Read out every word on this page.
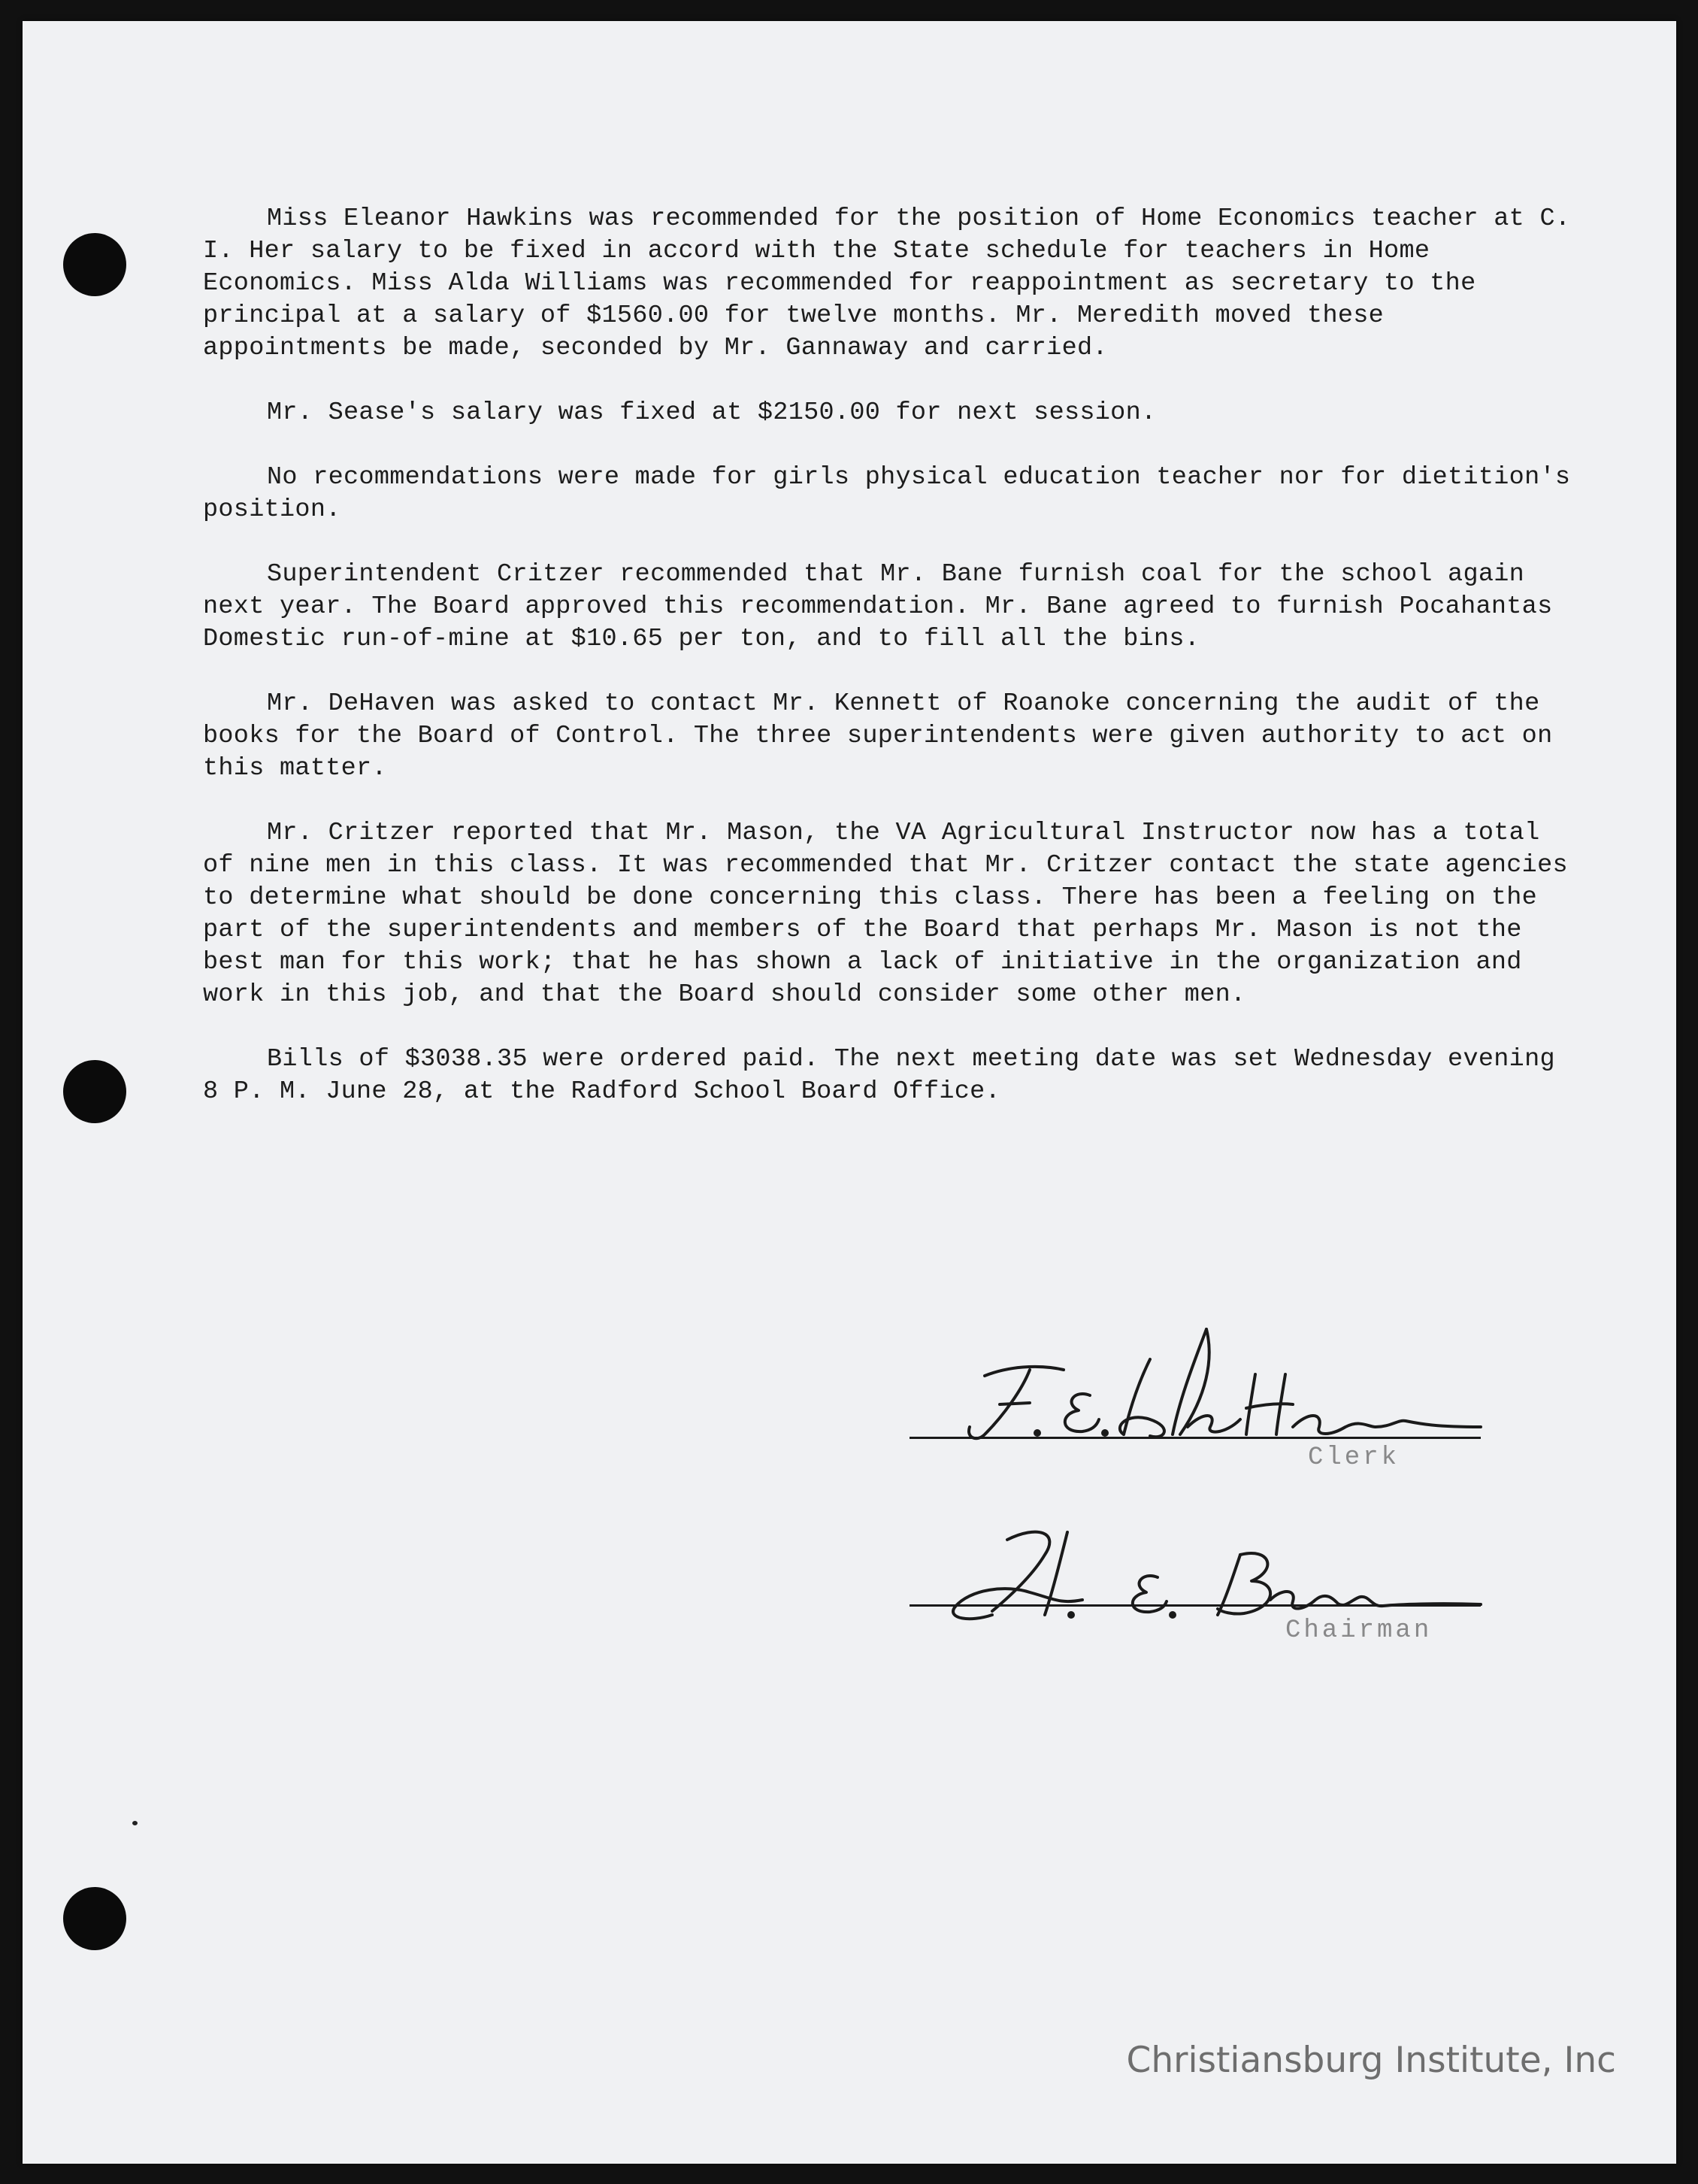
Miss Eleanor Hawkins was recommended for the position of Home Economics teacher at C. I. Her salary to be fixed in accord with the State schedule for teachers in Home Economics. Miss Alda Williams was recommended for reappointment as secretary to the principal at a salary of $1560.00 for twelve months. Mr. Meredith moved these appointments be made, seconded by Mr. Gannaway and carried.

Mr. Sease's salary was fixed at $2150.00 for next session.

No recommendations were made for girls physical education teacher nor for dietition's position.

Superintendent Critzer recommended that Mr. Bane furnish coal for the school again next year. The Board approved this recommendation. Mr. Bane agreed to furnish Pocahantas Domestic run-of-mine at $10.65 per ton, and to fill all the bins.

Mr. DeHaven was asked to contact Mr. Kennett of Roanoke concerning the audit of the books for the Board of Control. The three superintendents were given authority to act on this matter.

Mr. Critzer reported that Mr. Mason, the VA Agricultural Instructor now has a total of nine men in this class. It was recommended that Mr. Critzer contact the state agencies to determine what should be done concerning this class. There has been a feeling on the part of the superintendents and members of the Board that perhaps Mr. Mason is not the best man for this work; that he has shown a lack of initiative in the organization and work in this job, and that the Board should consider some other men.

Bills of $3038.35 were ordered paid. The next meeting date was set Wednesday evening 8 P. M. June 28, at the Radford School Board Office.

Clerk
Chairman
Christiansburg Institute, Inc
